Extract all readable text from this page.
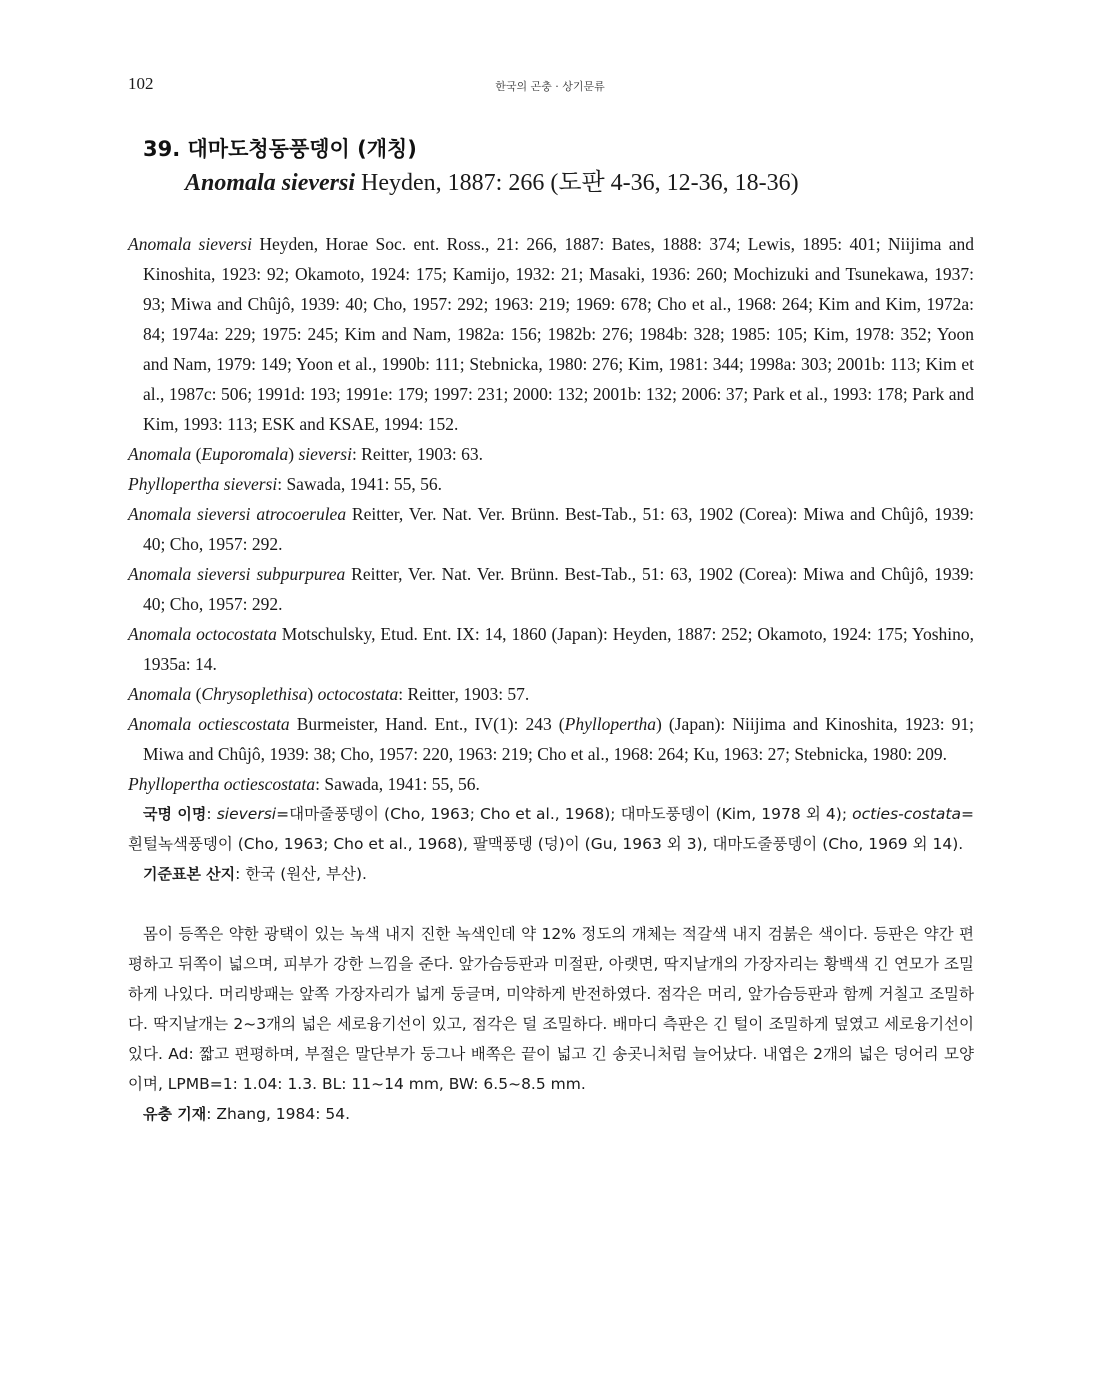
102	한국의 곤충 · 상기문류
39. 대마도청동풍뎅이 (개칭)
Anomala sieversi Heyden, 1887: 266 (도판 4-36, 12-36, 18-36)

Anomala sieversi Heyden, Horae Soc. ent. Ross., 21: 266, 1887: Bates, 1888: 374; Lewis, 1895: 401; Niijima and Kinoshita, 1923: 92; Okamoto, 1924: 175; Kamijo, 1932: 21; Masaki, 1936: 260; Mochizuki and Tsunekawa, 1937: 93; Miwa and Chûjô, 1939: 40; Cho, 1957: 292; 1963: 219; 1969: 678; Cho et al., 1968: 264; Kim and Kim, 1972a: 84; 1974a: 229; 1975: 245; Kim and Nam, 1982a: 156; 1982b: 276; 1984b: 328; 1985: 105; Kim, 1978: 352; Yoon and Nam, 1979: 149; Yoon et al., 1990b: 111; Stebnicka, 1980: 276; Kim, 1981: 344; 1998a: 303; 2001b: 113; Kim et al., 1987c: 506; 1991d: 193; 1991e: 179; 1997: 231; 2000: 132; 2001b: 132; 2006: 37; Park et al., 1993: 178; Park and Kim, 1993: 113; ESK and KSAE, 1994: 152.

Anomala (Euporomala) sieversi: Reitter, 1903: 63.

Phyllopertha sieversi: Sawada, 1941: 55, 56.

Anomala sieversi atrocoerulea Reitter, Ver. Nat. Ver. Brünn. Best-Tab., 51: 63, 1902 (Corea): Miwa and Chûjô, 1939: 40; Cho, 1957: 292.

Anomala sieversi subpurpurea Reitter, Ver. Nat. Ver. Brünn. Best-Tab., 51: 63, 1902 (Corea): Miwa and Chûjô, 1939: 40; Cho, 1957: 292.

Anomala octocostata Motschulsky, Etud. Ent. IX: 14, 1860 (Japan): Heyden, 1887: 252; Okamoto, 1924: 175; Yoshino, 1935a: 14.

Anomala (Chrysoplethisa) octocostata: Reitter, 1903: 57.

Anomala octiescostata Burmeister, Hand. Ent., IV(1): 243 (Phyllopertha) (Japan): Niijima and Kinoshita, 1923: 91; Miwa and Chûjô, 1939: 38; Cho, 1957: 220, 1963: 219; Cho et al., 1968: 264; Ku, 1963: 27; Stebnicka, 1980: 209.

Phyllopertha octiescostata: Sawada, 1941: 55, 56.

국명 이명: sieversi=대마줄풍뎅이 (Cho, 1963; Cho et al., 1968); 대마도풍뎅이 (Kim, 1978 외 4); octies-costata=흰털녹색풍뎅이 (Cho, 1963; Cho et al., 1968), 팔맥풍뎅 (덩)이 (Gu, 1963 외 3), 대마도줄풍뎅이 (Cho, 1969 외 14).

기준표본 산지: 한국 (원산, 부산).

몸이 등쪽은 약한 광택이 있는 녹색 내지 진한 녹색인데 약 12% 정도의 개체는 적갈색 내지 검붉은 색이다. 등판은 약간 편평하고 뒤쪽이 넓으며, 피부가 강한 느낌을 준다. 앞가슴등판과 미절판, 아랫면, 딱지날개의 가장자리는 황백색 긴 연모가 조밀하게 나있다. 머리방패는 앞쪽 가장자리가 넓게 둥글며, 미약하게 반전하였다. 점각은 머리, 앞가슴등판과 함께 거칠고 조밀하다. 딱지날개는 2~3개의 넓은 세로융기선이 있고, 점각은 덜 조밀하다. 배마디 측판은 긴 털이 조밀하게 덮였고 세로융기선이 있다. Ad: 짧고 편평하며, 부절은 말단부가 둥그나 배쪽은 끝이 넓고 긴 송곳니처럼 늘어났다. 내엽은 2개의 넓은 덩어리 모양이며, LPMB=1: 1.04: 1.3. BL: 11~14 mm, BW: 6.5~8.5 mm.

유충 기재: Zhang, 1984: 54.
